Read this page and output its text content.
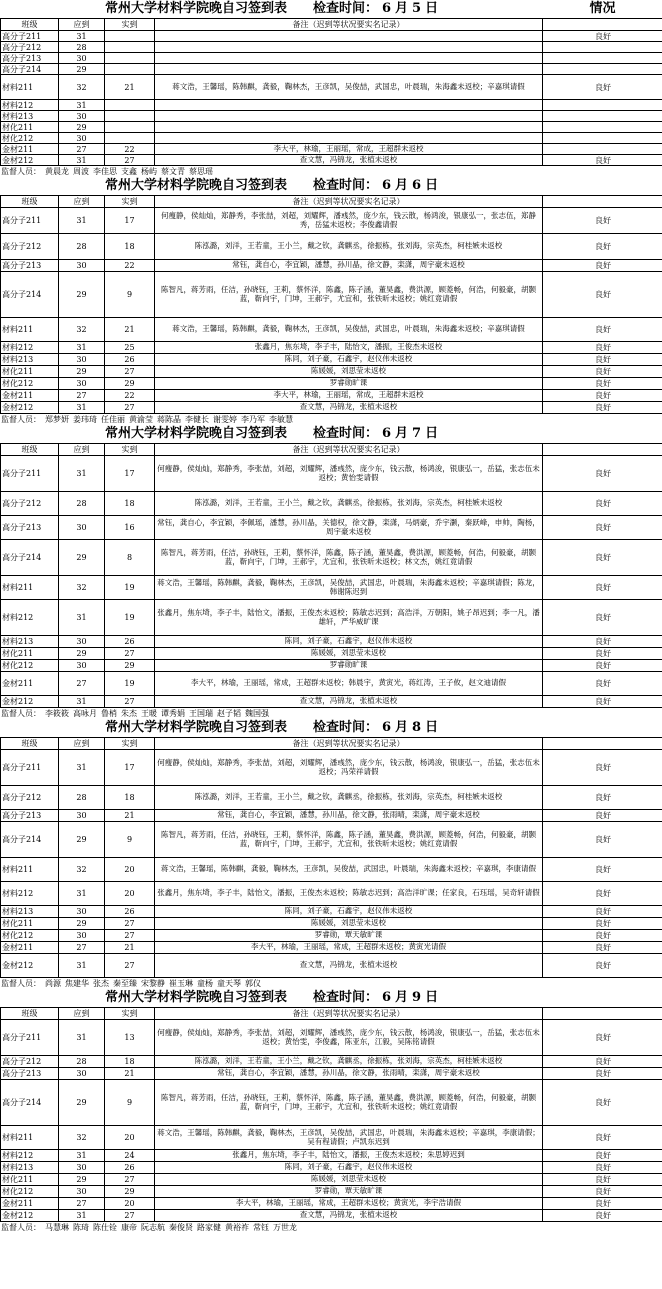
常州大学材料学院晚自习签到表 检查时间： 6 月 5 日				情况
班级	应到	实到	备注（迟到等状况要实名记录）	
高分子211	31			良好
高分子212	28			
高分子213	30			
高分子214	29			
材料211	32	21	蒋文浩，王馨瑶，陈韩麒，龚毅，鞠林杰，王彦凯，吴俊喆，武国忠，叶晨瑞，朱海鑫未返校；辛嘉琪请假	良好
材料212	31			
材料213	30			
材化211	29			
材化212	30			
金材211	27	22	李大平，林瑜，王丽瑶，常成，王超群未返校	
金材212	31	27	查文慧，冯锦龙，张植未返校	良好
监督人员： 黄晨龙 周波 李佳思 支鑫 杨屿 蔡文青 蔡思瑶
常州大学材料学院晚自习签到表 检查时间： 6 月 6 日				
班级	应到	实到	备注（迟到等状况要实名记录）	
高分子211	31	17	何瘦静，侯灿灿，郑静秀，李张喆，刘超，刘耀辉，潘彧然，庞少东，钱云散，杨鸿浚，银康弘一，张志伍，郑静秀，岳猛未返校；李俊鑫请假	良好
高分子212	28	18	陈泓潞，刘洋，王若童，王小兰，戴之钦，龚麒丞，徐振栋，张刘海，宗英杰，柯桂嫉未返校	良好
高分子213	30	22	常钰，龚自心，李宜颖，潘慧，孙川晶，徐文静，栾潇，周宇豪未返校	良好
高分子214	29	9	陈智凡，蒋芳雨，任洁，孙晓钰，王莉，蔡怀洋，陈鑫，陈子涵，董昊鑫，费洪源，顾菱畅，何浩，何毅豪，胡颢蓝，靳向宇，门坤，王郝宇，尤宜和，张铁昕未返校；姚红竟请假	良好
材料211	32	21	蒋文浩，王馨瑶，陈韩麒，龚毅，鞠林杰，王彦凯，吴俊喆，武国忠，叶晨瑞，朱海鑫未返校；辛嘉琪请假	良好
材料212	31	25	张鑫月，焦东埼，李子丰，陆怡文，潘振，王俊杰未返校	良好
材料213	30	26	陈同，刘子豪，石鑫宇，赵仪伟未返校	良好
材化211	29	27	陈媛媛，刘思莹未返校	良好
材化212	30	29	罗睿勋旷课	良好
金材211	27	22	李大平，林瑜，王丽瑶，常成，王超群未返校	良好
金材212	31	27	查文慧，冯锦龙，张植未返校	良好
监督人员： 郑梦妍 姜玮琦 任佳丽 黄渝莹 蒋陈晶 李健长 谢雯婷 李乃军 李敏慧
常州大学材料学院晚自习签到表 检查时间： 6 月 7 日				
班级	应到	实到	备注（迟到等状况要实名记录）	
高分子211	31	17	何瘦静，侯灿灿，郑静秀，李张喆，刘超，刘耀辉，潘彧然，庞少东，钱云散，杨鸿浚，银康弘一，岳猛，张志伍未返校；黄怡雯请假	良好
高分子212	28	18	陈泓潞，刘洋，王若童，王小兰，戴之钦，龚麒丞，徐振栋，张刘海，宗英杰，柯桂嫉未返校	良好
高分子213	30	16	常钰，龚自心，李宜颖，李佩瑶，潘慧，孙川晶，关德权，徐文静，栾潇，马炳豪，乔宇灏，秦跃峰，申帅，陶杨，周宇豪未返校	良好
高分子214	29	8	陈智凡，蒋芳雨，任洁，孙晓钰，王莉，蔡怀洋，陈鑫，陈子涵，董昊鑫，费洪源，顾菱畅，何浩，何毅豪，胡颢蓝，靳向宇，门坤，王郝宇，尤宜和，张铁昕未返校；林文杰，姚红竟请假	良好
材料211	32	19	蒋文浩，王馨瑶，陈韩麒，龚毅，鞠林杰，王彦凯，吴俊喆，武国忠，叶晨瑞，朱海鑫未返校；辛嘉琪请假；陈龙，韩谢陈迟到	良好
材料212	31	19	张鑫月，焦东埼，李子丰，陆怡文，潘振，王俊杰未返校；陈敏志迟到；高浩洋，万朝阳，姚子昂迟到；李一凡，潘雄轩，严华威旷课	良好
材料213	30	26	陈同，刘子豪，石鑫宇，赵仪伟未返校	良好
材化211	29	27	陈媛媛，刘思莹未返校	良好
材化212	30	29	罗睿勋旷课	良好
金材211	27	19	李大平，林瑜，王丽瑶，常成，王超群未返校；韩晨宇，黄寅光，蒋红涛，王子攸，赵文迪请假	良好
金材212	31	27	查文慧，冯锦龙，张植未返校	良好
监督人员： 李筱筱 高咏月 鲁梢 朱杰 王暖 谭秀娟 王国瑞 赵子韬 魏国强
常州大学材料学院晚自习签到表 检查时间： 6 月 8 日				
班级	应到	实到	备注（迟到等状况要实名记录）	
高分子211	31	17	何瘦静，侯灿灿，郑静秀，李张喆，刘超，刘耀辉，潘彧然，庞少东，钱云散，杨鸿浚，银康弘一，岳猛，张志伍未返校；冯荣祥请假	良好
高分子212	28	18	陈泓潞，刘洋，王若童，王小兰，戴之钦，龚麒丞，徐振栋，张刘海，宗英杰，柯桂嫉未返校	良好
高分子213	30	21	常钰，龚自心，李宜颖，潘慧，孙川晶，徐文静，张雨晴，栾潇，周宇豪未返校	良好
高分子214	29	9	陈智凡，蒋芳雨，任洁，孙晓钰，王莉，蔡怀洋，陈鑫，陈子涵，董昊鑫，费洪源，顾菱畅，何浩，何毅豪，胡颢蓝，靳向宇，门坤，王郝宇，尤宜和，张铁昕未返校；姚红竟请假	良好
材料211	32	20	蒋文浩，王馨瑶，陈韩麒，龚毅，鞠林杰，王彦凯，吴俊喆，武国忠，叶晨瑞，朱海鑫未返校；辛嘉琪，李康请假	良好
材料212	31	20	张鑫月，焦东埼，李子丰，陆怡文，潘振，王俊杰未返校；陈敏志迟到；高浩洋旷课；任家良，石珏瑶，吴奇轩请假	良好
材料213	30	26	陈同，刘子豪，石鑫宇，赵仪伟未返校	良好
材化211	29	27	陈媛媛，刘思莹未返校	良好
材化212	30	27	罗睿勋，覃天敏旷课	良好
金材211	27	21	李大平，林瑜，王丽瑶，常成，王超群未返校；黄寅光请假	良好
金材212	31	27	查文慧，冯锦龙，张植未返校	良好
监督人员： 尚源 焦建华 张杰 秦至臻 宋黎静 崔玉琳 童杨 童天琴 郭仪
常州大学材料学院晚自习签到表 检查时间： 6 月 9 日				
班级	应到	实到	备注（迟到等状况要实名记录）	
高分子211	31	13	何瘦静，侯灿灿，郑静秀，李张喆，刘超，刘耀辉，潘彧然，庞少东，钱云散，杨鸿浚，银康弘一，岳猛，张志伍未返校；黄怡雯，李俊鑫，陈亚东，江毅，吴陈铭请假	良好
高分子212	28	18	陈泓潞，刘洋，王若童，王小兰，戴之钦，龚麒丞，徐振栋，张刘海，宗英杰，柯桂嫉未返校	良好
高分子213	30	21	常钰，龚自心，李宜颖，潘慧，孙川晶，徐文静，张雨晴，栾潇，周宇豪未返校	良好
高分子214	29	9	陈智凡，蒋芳雨，任洁，孙晓钰，王莉，蔡怀洋，陈鑫，陈子涵，董昊鑫，费洪源，顾菱畅，何浩，何毅豪，胡颢蓝，靳向宇，门坤，王郝宇，尤宜和，张铁昕未返校；姚红竟请假	良好
材料211	32	20	蒋文浩，王馨瑶，陈韩麒，龚毅，鞠林杰，王彦凯，吴俊喆，武国忠，叶晨瑞，朱海鑫未返校；辛嘉琪，李康请假；吴有程请假；卢凯东迟到	良好
材料212	31	24	张鑫月，焦东埼，李子丰，陆怡文，潘振，王俊杰未返校；朱思婷迟到	良好
材料213	30	26	陈同，刘子豪，石鑫宇，赵仪伟未返校	良好
材化211	29	27	陈媛媛，刘思莹未返校	良好
材化212	30	29	罗睿勋，覃天敏旷课	良好
金材211	27	20	李大平，林瑜，王丽瑶，常成，王超群未返校；黄寅光，李宇浩请假	良好
金材212	31	27	查文慧，冯锦龙，张植未返校	良好
监督人员： 马慧琳 陈琦 陈仕铨 康帝 阮志航 秦俊贤 路家健 黄裕祚 常钰 万世龙
